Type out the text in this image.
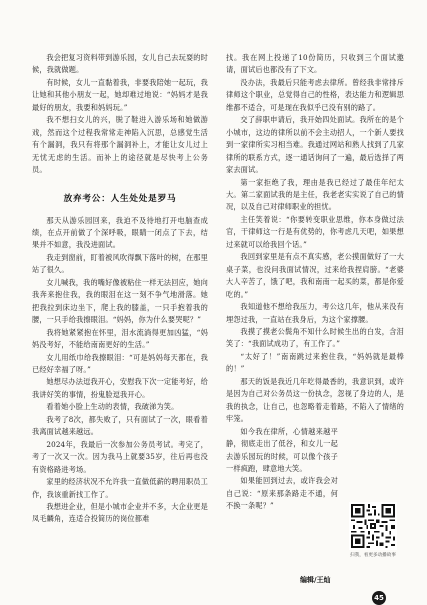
我会把复习资料带到游乐园，女儿自己去玩耍的时候，我就做题。

有时候，女儿一直黏着我，非要我陪她一起玩，我让她和其他小朋友一起，她却难过地说：“妈妈才是我最好的朋友，我要和妈妈玩。”

我不想扫女儿的兴，脱了鞋进入游乐场和她做游戏，然而这个过程我常常走神陷入沉思，总感觉生活有个漏洞，我只有将那个漏洞补上，才能让女儿过上无忧无虑的生活。而补上的途径就是尽快考上公务员。

放弃考公：人生处处是罗马

那天从游乐园回来，我迫不及待地打开电脑查成绩，在点开前做了个深呼吸，眼睛一闭点了下去，结果并不如意，我没进面试。

我走到窗前，盯着被风吹得飘下落叶的树，在那里站了很久。

女儿喊我，我的嘴好像被粘住一样无法回应，她向我奔来抱住我，我的眼泪在这一刻不争气地滑落。她把我拉到床边坐下，爬上我的膝盖，一只手抱着我的腰，一只手给我擦眼泪。“妈妈，你为什么要哭呢？”

我将她紧紧抱在怀里，泪水流淌得更加凶猛，“妈妈没考好，不能给南南更好的生活。”

女儿用纸巾给我擦眼泪：“可是妈妈每天都在，我已经好幸福了呀。”

她想尽办法逗我开心，安慰我下次一定能考好，给我讲好笑的事情，扮鬼脸逗我开心。

看着她小脸上生动的表情，我破涕为笑。

我考了8次，都失败了，只有面试了一次，眼看着我离面试越来越远。

2024年，我最后一次参加公务员考试。考完了，考了一次又一次。因为我马上就要35岁，往后再也没有资格路进考场。

家里的经济状况不允许我一直做低薪的聘用职员工作，我该重新找工作了。

我想进企业，但是小城市企业并不多，大企业更是凤毛麟角，连适合投简历的岗位都难

找。我在网上投递了10份简历，只收到三个面试邀请，面试后也都没有了下文。

没办法，我最后只能考虑去律所。曾经我非常排斥律师这个职业，总觉得自己的性格，表达能力和逻辑思维都不适合，可是现在我似乎已没有别的路了。

交了辞职申请后，我开始四处面试。我所在的是个小城市，这边的律所以前不会主动招人，一个新人要找到一家律所实习相当难。我通过网站和熟人找到了几家律所的联系方式，逐一通话询问了一遍，最后选择了两家去面试。

第一家拒绝了我，理由是我已经过了最佳年纪太大。第二家面试我的是主任，我老老实实说了自己的情况，以及自己对律师职业的担忧。

主任笑着说：“你要转变职业思维，你本身做过法官，干律师这一行是有优势的，你考虑几天吧，如果想过来就可以给我回个话。”

我回到家里是有点不真实感，老公摸面做好了一大桌子菜，也没问我面试情况，过来给我捏肩膀。“老婆大人辛苦了，饿了吧，我和南南一起买的菜，都是你爱吃的。”

我知道他不想给我压力，考公这几年，他从来没有埋怨过我，一直站在我身后，为这个家撑腰。

我摸了摸老公鬓角不知什么时候生出的白发，含泪笑了：“我面试成功了，有工作了。”

“太好了！”南南跳过来抱住我，“妈妈就是最棒的！”

那天的饭是我近几年吃得最香的，我意识到，或许是因为自己对公务员这一份执念，忽视了身边的人，是我的执念，让自己，也忽略着走着路，不陷入了情绪的牢笼。

如今我在律所，心情越来越平静，彻底走出了低谷，和女儿一起去游乐园玩的时候，可以像个孩子一样疯跑，肆意地大笑。

如果能回到过去，或许我会对自己说：“原来那条路走不通，何不换一条呢？”

扫我，看更多动播故事
编辑/王灿
45
